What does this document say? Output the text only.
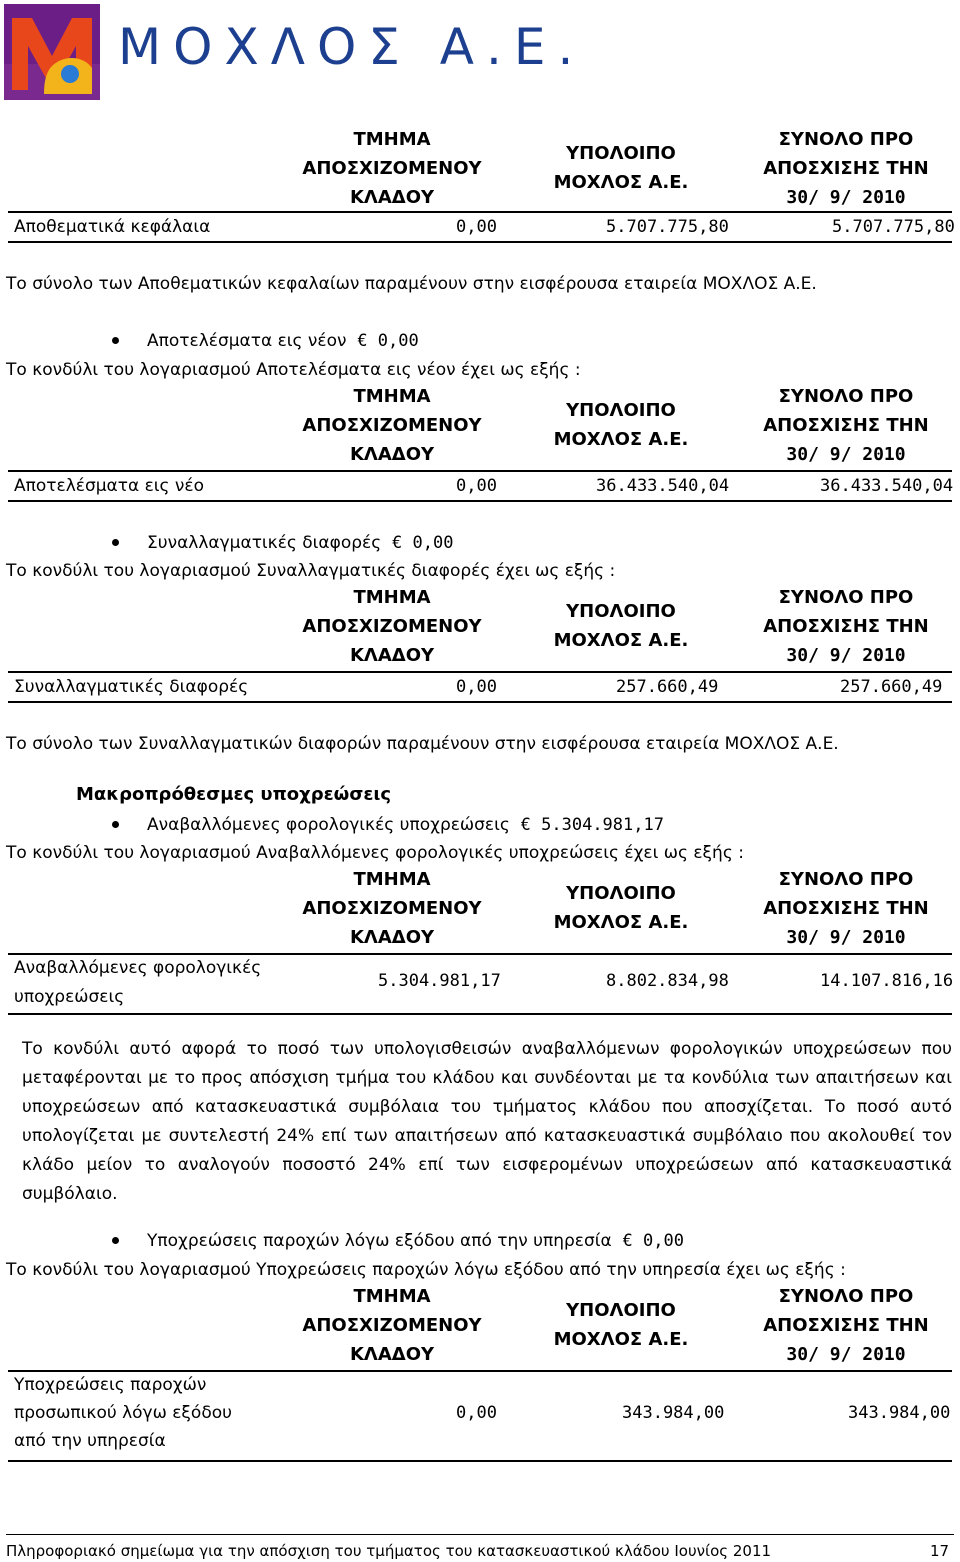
ΜΟΧΛΟΣ Α.Ε.
ΤΜΗΜΑ
ΑΠΟΣΧΙΖΟΜΕΝΟΥ
ΚΛΑΔΟΥ
ΥΠΟΛΟΙΠΟ
ΜΟΧΛΟΣ Α.Ε.
ΣΥΝΟΛΟ ΠΡΟ
ΑΠΟΣΧΙΣΗΣ ΤΗΝ
30/ 9/ 2010
Αποθεματικά κεφάλαια	0,00	5.707.775,80	5.707.775,80
Το σύνολο των Αποθεματικών κεφαλαίων παραμένουν στην εισφέρουσα εταιρεία ΜΟΧΛΟΣ Α.Ε.
Αποτελέσματα εις νέον € 0,00
Το κονδύλι του λογαριασμού Αποτελέσματα εις νέον έχει ως εξής :
ΤΜΗΜΑ
ΑΠΟΣΧΙΖΟΜΕΝΟΥ
ΚΛΑΔΟΥ
ΥΠΟΛΟΙΠΟ
ΜΟΧΛΟΣ Α.Ε.
ΣΥΝΟΛΟ ΠΡΟ
ΑΠΟΣΧΙΣΗΣ ΤΗΝ
30/ 9/ 2010
Αποτελέσματα εις νέο	0,00	36.433.540,04	36.433.540,04
Συναλλαγματικές διαφορές € 0,00
Το κονδύλι του λογαριασμού Συναλλαγματικές διαφορές έχει ως εξής :
ΤΜΗΜΑ
ΑΠΟΣΧΙΖΟΜΕΝΟΥ
ΚΛΑΔΟΥ
ΥΠΟΛΟΙΠΟ
ΜΟΧΛΟΣ Α.Ε.
ΣΥΝΟΛΟ ΠΡΟ
ΑΠΟΣΧΙΣΗΣ ΤΗΝ
30/ 9/ 2010
Συναλλαγματικές διαφορές	0,00	257.660,49	257.660,49
Το σύνολο των Συναλλαγματικών διαφορών παραμένουν στην εισφέρουσα εταιρεία ΜΟΧΛΟΣ Α.Ε.
Μακροπρόθεσμες υποχρεώσεις
Αναβαλλόμενες φορολογικές υποχρεώσεις € 5.304.981,17
Το κονδύλι του λογαριασμού Αναβαλλόμενες φορολογικές υποχρεώσεις έχει ως εξής :
ΤΜΗΜΑ
ΑΠΟΣΧΙΖΟΜΕΝΟΥ
ΚΛΑΔΟΥ
ΥΠΟΛΟΙΠΟ
ΜΟΧΛΟΣ Α.Ε.
ΣΥΝΟΛΟ ΠΡΟ
ΑΠΟΣΧΙΣΗΣ ΤΗΝ
30/ 9/ 2010
Αναβαλλόμενες φορολογικές
υποχρεώσεις
5.304.981,17	8.802.834,98	14.107.816,16

Το κονδύλι αυτό αφορά το ποσό των υπολογισθεισών αναβαλλόμενων φορολογικών υποχρεώσεων που

μεταφέρονται με το προς απόσχιση τμήμα του κλάδου και συνδέονται με τα κονδύλια των απαιτήσεων και

υποχρεώσεων από κατασκευαστικά συμβόλαια του τμήματος κλάδου που αποσχίζεται. Το ποσό αυτό

υπολογίζεται με συντελεστή 24% επί των απαιτήσεων από κατασκευαστικά συμβόλαιο που ακολουθεί τον

κλάδο μείον το αναλογούν ποσοστό 24% επί των εισφερομένων υποχρεώσεων από κατασκευαστικά

συμβόλαιο.

Υποχρεώσεις παροχών λόγω εξόδου από την υπηρεσία € 0,00
Το κονδύλι του λογαριασμού Υποχρεώσεις παροχών λόγω εξόδου από την υπηρεσία έχει ως εξής :
ΤΜΗΜΑ
ΑΠΟΣΧΙΖΟΜΕΝΟΥ
ΚΛΑΔΟΥ
ΥΠΟΛΟΙΠΟ
ΜΟΧΛΟΣ Α.Ε.
ΣΥΝΟΛΟ ΠΡΟ
ΑΠΟΣΧΙΣΗΣ ΤΗΝ
30/ 9/ 2010
Υποχρεώσεις παροχών
προσωπικού λόγω εξόδου
από την υπηρεσία
0,00	343.984,00	343.984,00
Πληροφοριακό σημείωμα για την απόσχιση του τμήματος του κατασκευαστικού κλάδου Ιουνίος 2011	17
